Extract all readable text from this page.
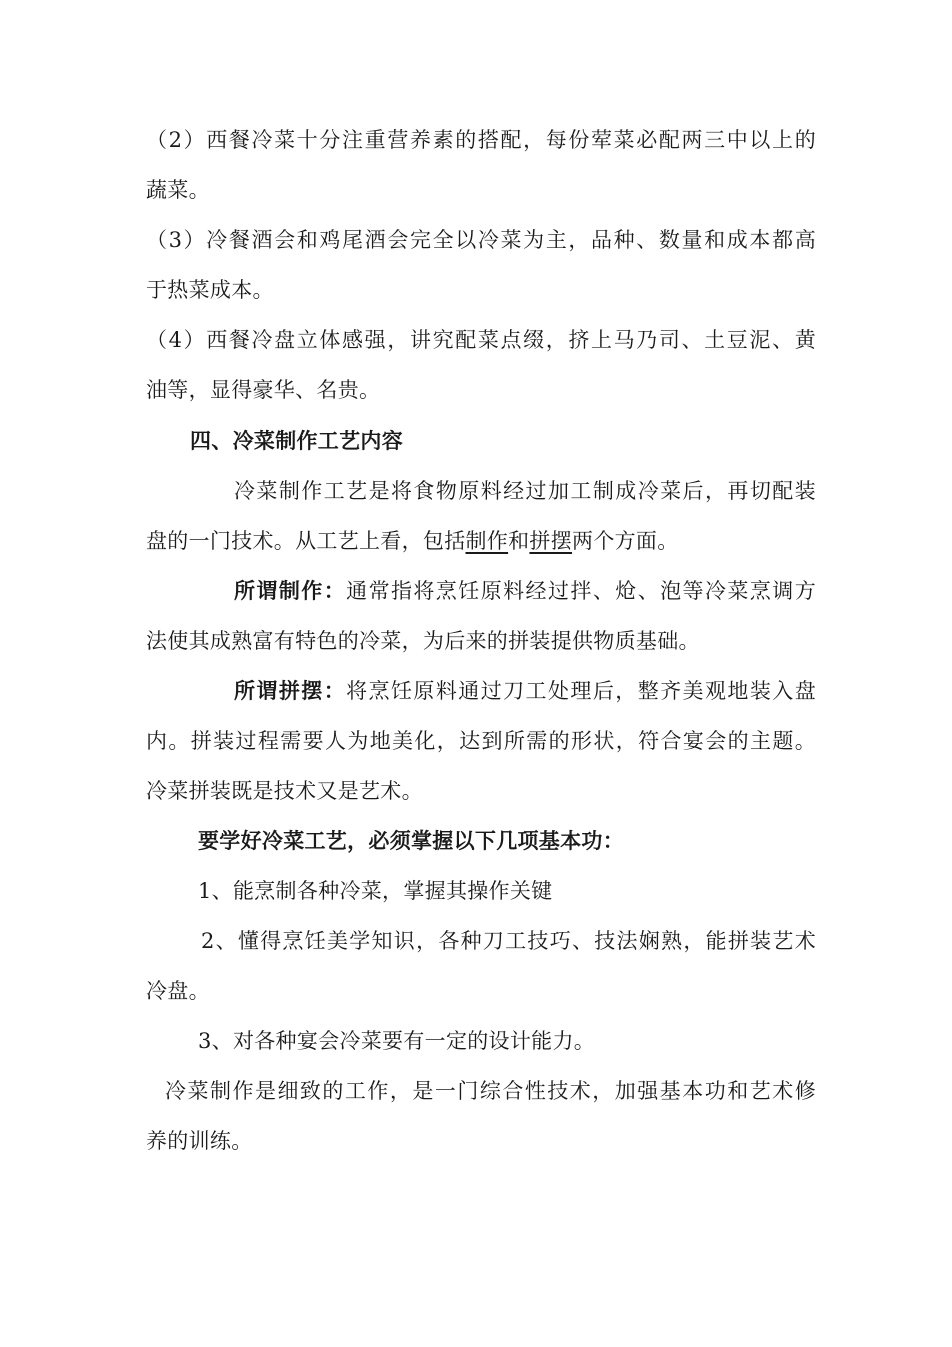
（2）西餐冷菜十分注重营养素的搭配，每份荤菜必配两三中以上的

蔬菜。

（3）冷餐酒会和鸡尾酒会完全以冷菜为主，品种、数量和成本都高

于热菜成本。

（4）西餐冷盘立体感强，讲究配菜点缀，挤上马乃司、土豆泥、黄

油等，显得豪华、名贵。

四、冷菜制作工艺内容

冷菜制作工艺是将食物原料经过加工制成冷菜后，再切配装

盘的一门技术。从工艺上看，包括制作和拼摆两个方面。

所谓制作：通常指将烹饪原料经过拌、炝、泡等冷菜烹调方

法使其成熟富有特色的冷菜，为后来的拼装提供物质基础。

所谓拼摆：将烹饪原料通过刀工处理后，整齐美观地装入盘

内。拼装过程需要人为地美化，达到所需的形状，符合宴会的主题。

冷菜拼装既是技术又是艺术。

要学好冷菜工艺，必须掌握以下几项基本功：

1、能烹制各种冷菜，掌握其操作关键

2、懂得烹饪美学知识，各种刀工技巧、技法娴熟，能拼装艺术

冷盘。

3、对各种宴会冷菜要有一定的设计能力。

冷菜制作是细致的工作，是一门综合性技术，加强基本功和艺术修

养的训练。
